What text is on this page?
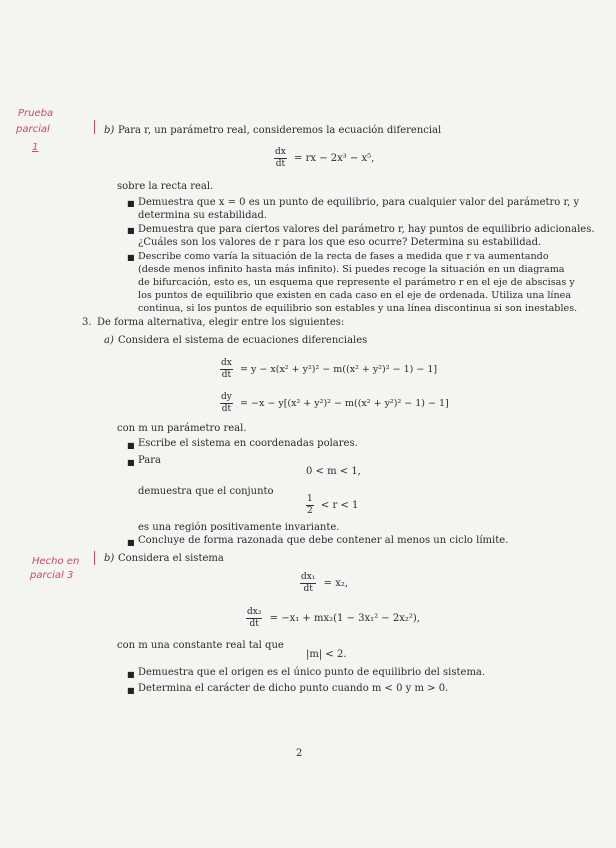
Prueba
parcial
1
Hecho en
parcial 3
b) Para r, un parámetro real, consideremos la ecuación diferencial
$\frac{dx}{dt}$ = rx − 2x³ − x⁵,
sobre la recta real.
■ Demuestra que x = 0 es un punto de equilibrio, para cualquier valor del parámetro r, y
determina su estabilidad.
■ Demuestra que para ciertos valores del parámetro r, hay puntos de equilibrio adicionales.
¿Cuáles son los valores de r para los que eso ocurre? Determina su estabilidad.
■ Describe como varía la situación de la recta de fases a medida que r va aumentando
(desde menos infinito hasta más infinito). Si puedes recoge la situación en un diagrama
de bifurcación, esto es, un esquema que represente el parámetro r en el eje de abscisas y
los puntos de equilibrio que existen en cada caso en el eje de ordenada. Utiliza una línea
continua, si los puntos de equilibrio son estables y una línea discontinua si son inestables.
3. De forma alternativa, elegir entre los siguientes:
a) Considera el sistema de ecuaciones diferenciales
$\frac{dx}{dt} = y - x(x^2 + y^2)^2 - m((x^2 + y^2)^2 - 1) - 1$]
$\frac{dy}{dt} = -x - y[(x^2 + y^2)^2 - m((x^2 + y^2)^2 - 1) - 1]$
con m un parámetro real.
■ Escribe el sistema en coordenadas polares.
■ Para
0 < m < 1,
demuestra que el conjunto
$\frac{1}{2} < r < 1$
es una región positivamente invariante.
■ Concluye de forma razonada que debe contener al menos un ciclo límite.
b) Considera el sistema
$\frac{\text{dx₁}}{dt} = x_2$,
$\frac{\text{dx₂}}{dt} = -x_1 + mx_2(1 - 3x_1^2 - 2x_2^2)$,
con m una constante real tal que
|m| < 2.
■ Demuestra que el origen es el único punto de equilibrio del sistema.
■ Determina el carácter de dicho punto cuando m < 0 y m > 0.
2
